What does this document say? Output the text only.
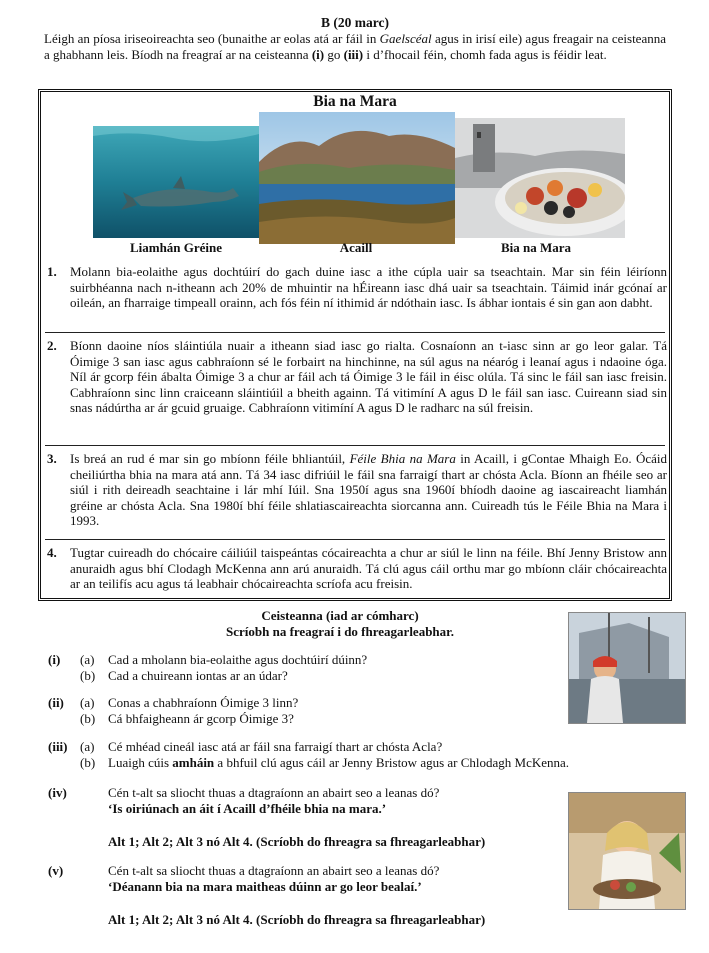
B (20 marc)
Léigh an píosa iriseoireachta seo (bunaithe ar eolas atá ar fáil in Gaelscéal agus in irisí eile) agus freagair na ceisteanna a ghabhann leis. Bíodh na freagraí ar na ceisteanna (i) go (iii) i d’fhocail féin, chomh fada agus is féidir leat.
Bia na Mara
Liamhán Gréine	Acaill	Bia na Mara
1. Molann bia-eolaithe agus dochtúirí do gach duine iasc a ithe cúpla uair sa tseachtain. Mar sin féin léiríonn suirbhéanna nach n-itheann ach 20% de mhuintir na hÉireann iasc dhá uair sa tseachtain. Táimid inár gcónaí ar oileán, an fharraige timpeall orainn, ach fós féin ní ithimid ár ndóthain iasc. Is ábhar iontais é sin gan aon dabht.
2. Bíonn daoine níos sláintiúla nuair a itheann siad iasc go rialta. Cosnaíonn an t-iasc sinn ar go leor galar. Tá Óimige 3 san iasc agus cabhraíonn sé le forbairt na hinchinne, na súl agus na néaróg i leanaí agus i ndaoine óga. Níl ár gcorp féin ábalta Óimige 3 a chur ar fáil ach tá Óimige 3 le fáil in éisc olúla. Tá sinc le fáil san iasc freisin. Cabhraíonn sinc linn craiceann sláintiúil a bheith againn. Tá vitimíní A agus D le fáil san iasc. Cuireann siad sin snas nádúrtha ar ár gcuid gruaige. Cabhraíonn vitimíní A agus D le radharc na súl freisin.
3. Is breá an rud é mar sin go mbíonn féile bhliantúil, Féile Bhia na Mara in Acaill, i gContae Mhaigh Eo. Ócáid cheiliúrtha bhia na mara atá ann. Tá 34 iasc difriúil le fáil sna farraigí thart ar chósta Acla. Bíonn an fhéile seo ar siúl i rith deireadh seachtaine i lár mhí Iúil. Sna 1950í agus sna 1960í bhíodh daoine ag iascaireacht liamhán gréine ar chósta Acla. Sna 1980í bhí féile shlatiascaireachta siorcanna ann. Cuireadh tús le Féile Bhia na Mara i 1993.
4. Tugtar cuireadh do chócaire cáiliúil taispeántas cócaireachta a chur ar siúl le linn na féile. Bhí Jenny Bristow ann anuraidh agus bhí Clodagh McKenna ann arú anuraidh. Tá clú agus cáil orthu mar go mbíonn cláir chócaireachta ar an teilifís acu agus tá leabhair chócaireachta scríofa acu freisin.
Ceisteanna (iad ar cómharc)
Scríobh na freagraí i do fhreagarleabhar.
(i) (a) Cad a mholann bia-eolaithe agus dochtúirí dúinn?
(b) Cad a chuireann iontas ar an údar?
(ii) (a) Conas a chabhraíonn Óimige 3 linn?
(b) Cá bhfaigheann ár gcorp Óimige 3?
(iii) (a) Cé mhéad cineál iasc atá ar fáil sna farraigí thart ar chósta Acla?
(b) Luaigh cúis amháin a bhfuil clú agus cáil ar Jenny Bristow agus ar Chlodagh McKenna.
(iv)	Cén t-alt sa sliocht thuas a dtagraíonn an abairt seo a leanas dó?
‘Is oiriúnach an áit í Acaill d’fhéile bhia na mara.’
Alt 1; Alt 2; Alt 3 nó Alt 4. (Scríobh do fhreagra sa fhreagarleabhar)
(v)	Cén t-alt sa sliocht thuas a dtagraíonn an abairt seo a leanas dó?
‘Déanann bia na mara maitheas dúinn ar go leor bealaí.’
Alt 1; Alt 2; Alt 3 nó Alt 4. (Scríobh do fhreagra sa fhreagarleabhar)
